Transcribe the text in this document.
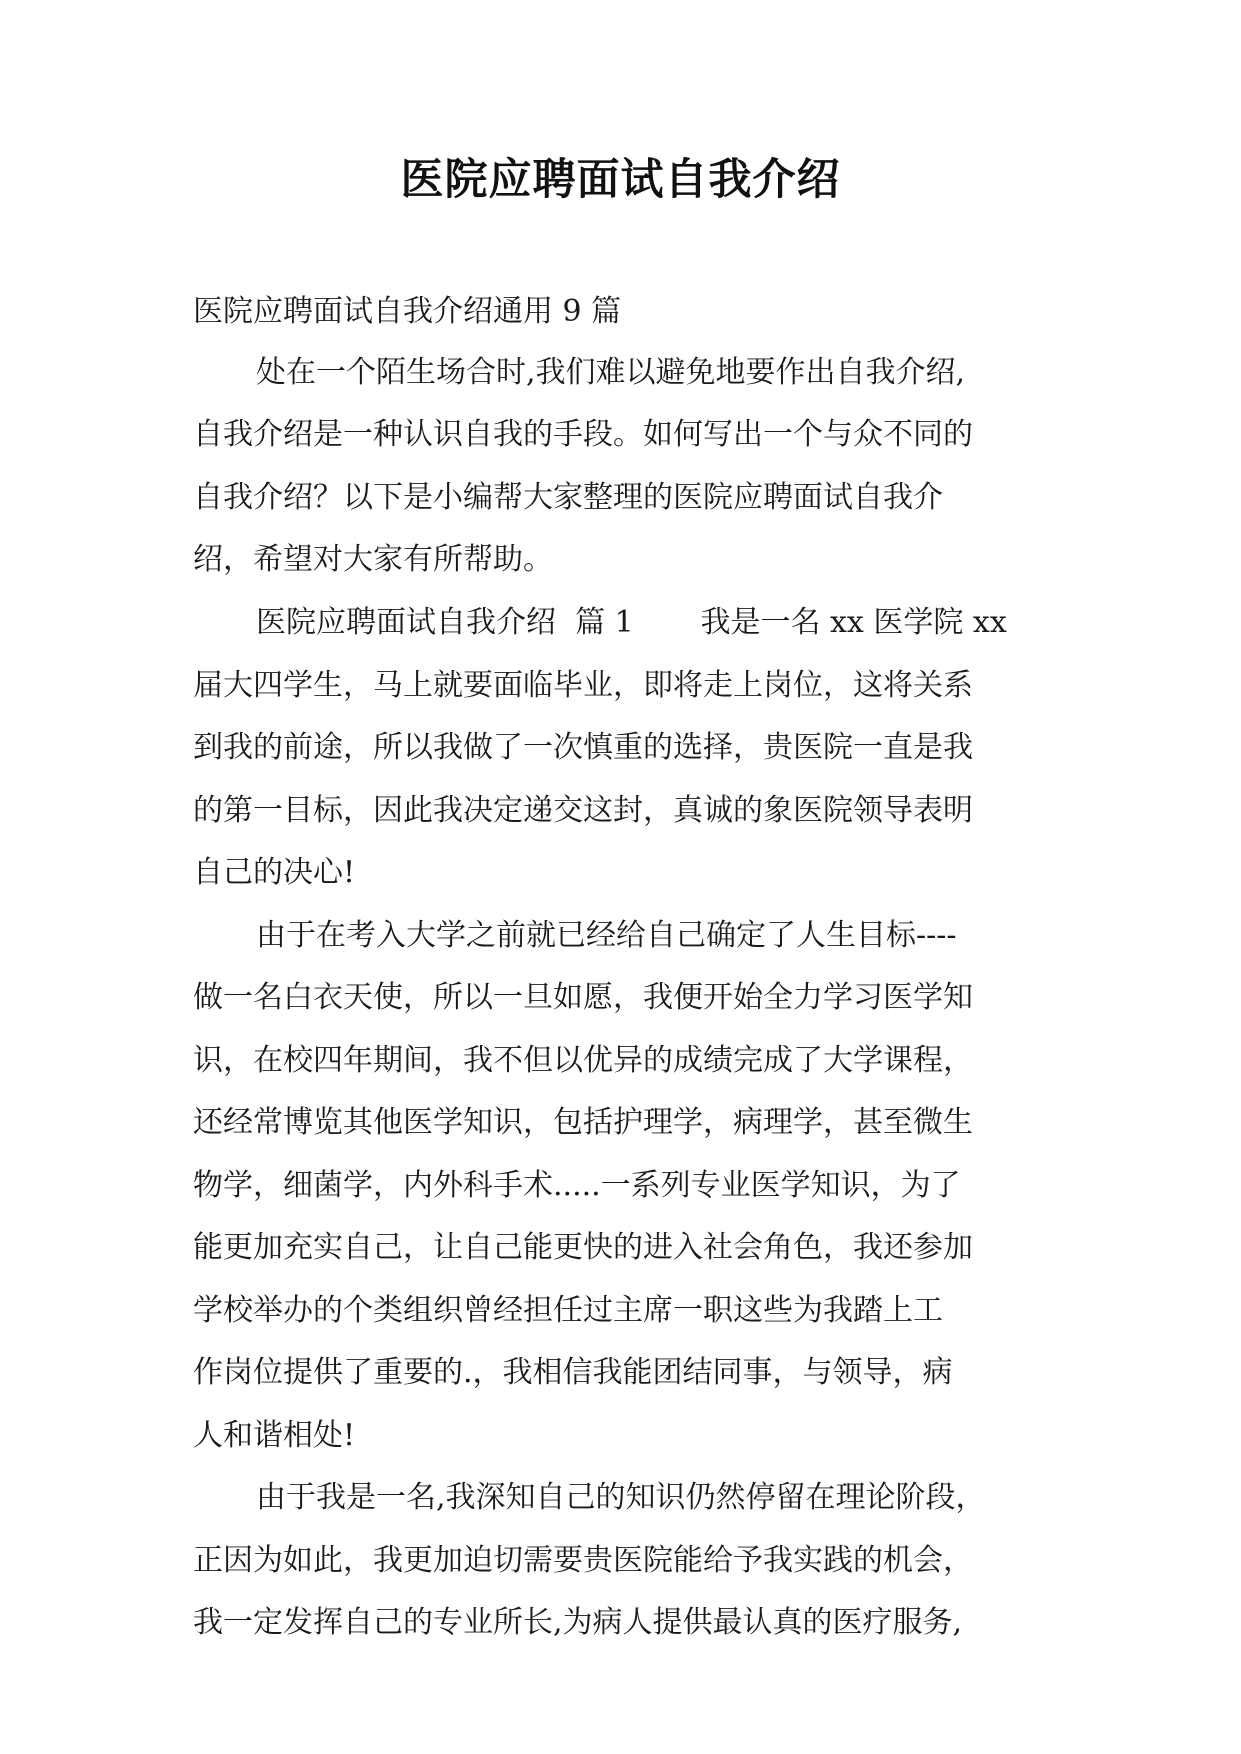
医院应聘面试自我介绍
医院应聘面试自我介绍通用 9 篇
处在一个陌生场合时,我们难以避免地要作出自我介绍,
自我介绍是一种认识自我的手段。如何写出一个与众不同的
自我介绍？以下是小编帮大家整理的医院应聘面试自我介
绍，希望对大家有所帮助。
医院应聘面试自我介绍  篇 1       我是一名 xx 医学院 xx
届大四学生，马上就要面临毕业，即将走上岗位，这将关系
到我的前途，所以我做了一次慎重的选择，贵医院一直是我
的第一目标，因此我决定递交这封，真诚的象医院领导表明
自己的决心!
由于在考入大学之前就已经给自己确定了人生目标----
做一名白衣天使，所以一旦如愿，我便开始全力学习医学知
识，在校四年期间，我不但以优异的成绩完成了大学课程，
还经常博览其他医学知识，包括护理学，病理学，甚至微生
物学，细菌学，内外科手术.....一系列专业医学知识，为了
能更加充实自己，让自己能更快的进入社会角色，我还参加
学校举办的个类组织曾经担任过主席一职这些为我踏上工
作岗位提供了重要的.，我相信我能团结同事，与领导，病
人和谐相处!
由于我是一名,我深知自己的知识仍然停留在理论阶段，
正因为如此，我更加迫切需要贵医院能给予我实践的机会，
我一定发挥自己的专业所长,为病人提供最认真的医疗服务,
